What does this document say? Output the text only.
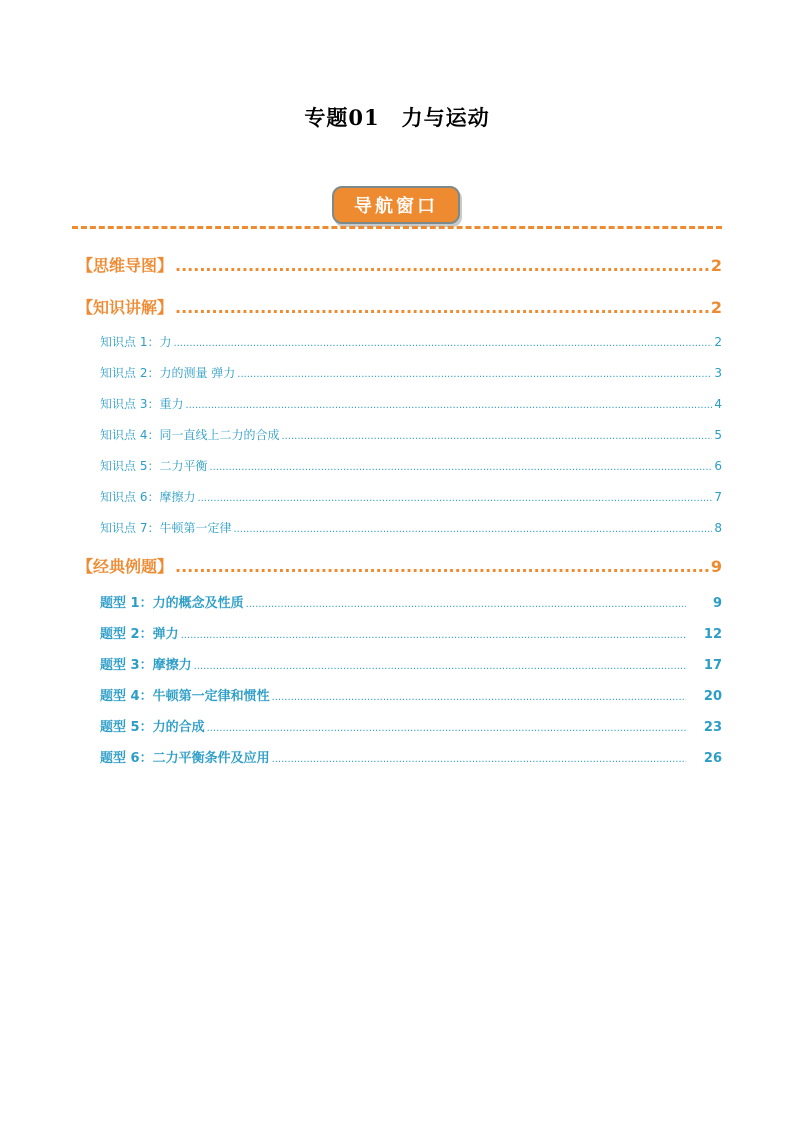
专题01　力与运动
导航窗口
【思维导图】 .....	2
【知识讲解】 .....	2
知识点 1：力 .....	2
知识点 2：力的测量 弹力 .....	3
知识点 3：重力 .....	4
知识点 4：同一直线上二力的合成 .....	5
知识点 5：二力平衡 .....	6
知识点 6：摩擦力 .....	7
知识点 7：牛顿第一定律 .....	8
【经典例题】 .....	9
题型 1：力的概念及性质 .....	9
题型 2：弹力 .....	12
题型 3：摩擦力 .....	17
题型 4：牛顿第一定律和惯性 .....	20
题型 5：力的合成 .....	23
题型 6：二力平衡条件及应用 .....	26
